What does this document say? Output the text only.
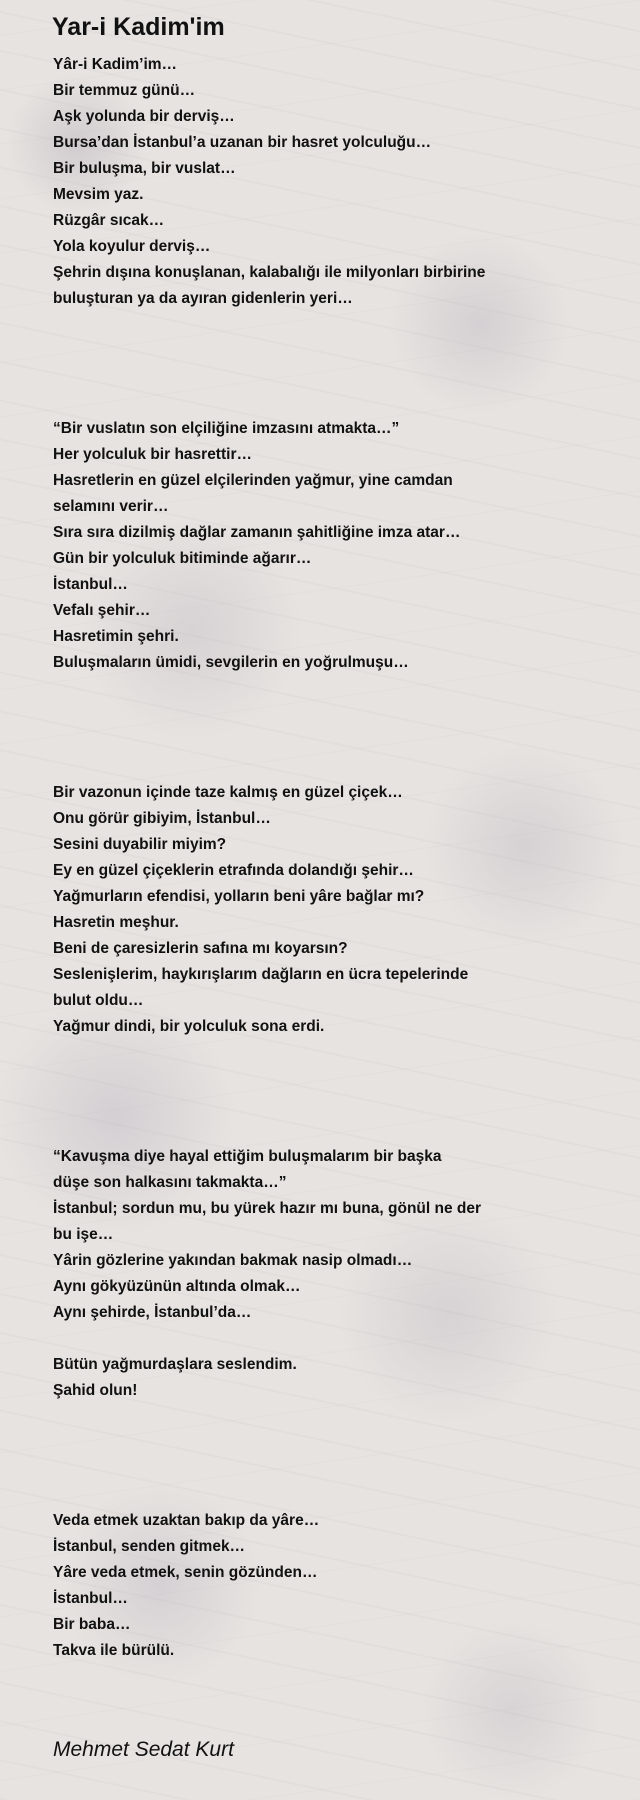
Yar-i Kadim'im
Yâr-i Kadim’im…
Bir temmuz günü…
Aşk yolunda bir derviş…
Bursa’dan İstanbul’a uzanan bir hasret yolculuğu…
Bir buluşma, bir vuslat…
Mevsim yaz.
Rüzgâr sıcak…
Yola koyulur derviş…
Şehrin dışına konuşlanan, kalabalığı ile milyonları birbirine
buluşturan ya da ayıran gidenlerin yeri…
“Bir vuslatın son elçiliğine imzasını atmakta…”
Her yolculuk bir hasrettir…
Hasretlerin en güzel elçilerinden yağmur, yine camdan
selamını verir…
Sıra sıra dizilmiş dağlar zamanın şahitliğine imza atar…
Gün bir yolculuk bitiminde ağarır…
İstanbul…
Vefalı şehir…
Hasretimin şehri.
Buluşmaların ümidi, sevgilerin en yoğrulmuşu…
Bir vazonun içinde taze kalmış en güzel çiçek…
Onu görür gibiyim, İstanbul…
Sesini duyabilir miyim?
Ey en güzel çiçeklerin etrafında dolandığı şehir…
Yağmurların efendisi, yolların beni yâre bağlar mı?
Hasretin meşhur.
Beni de çaresizlerin safına mı koyarsın?
Seslenişlerim, haykırışlarım dağların en ücra tepelerinde
bulut oldu…
Yağmur dindi, bir yolculuk sona erdi.
“Kavuşma diye hayal ettiğim buluşmalarım bir başka
düşe son halkasını takmakta…”
İstanbul; sordun mu, bu yürek hazır mı buna, gönül ne der
bu işe…
Yârin gözlerine yakından bakmak nasip olmadı…
Aynı gökyüzünün altında olmak…
Aynı şehirde, İstanbul’da…
Bütün yağmurdaşlara seslendim.
Şahid olun!
Veda etmek uzaktan bakıp da yâre…
İstanbul, senden gitmek…
Yâre veda etmek, senin gözünden…
İstanbul…
Bir baba…
Takva ile bürülü.
Mehmet Sedat Kurt
